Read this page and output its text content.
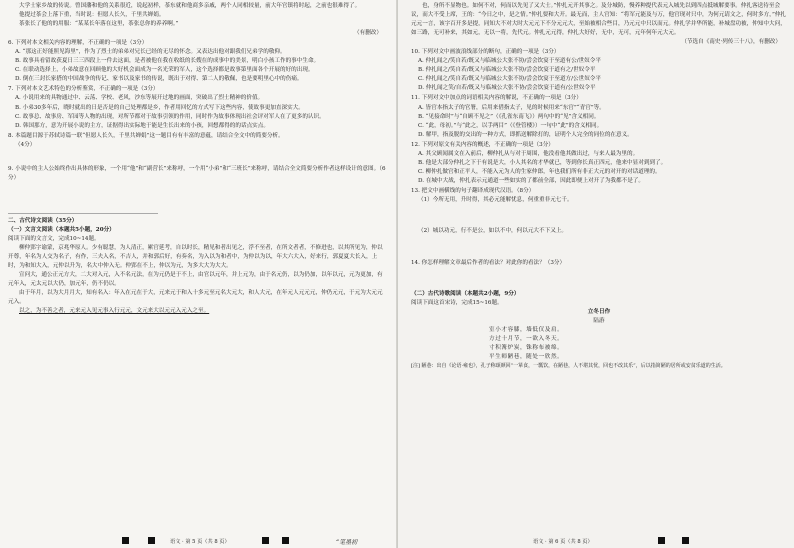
大学士家乡故的传说。曾国藩和他的关系很近，说起初样，茶东就和他商多亲戚，两个人同相较量，前大年官镇将时起，之前也很难得了。

他提过茶会上落下重，当时说：但愿人长久，千里共婵娟。

茶张长了他的的用服：“某某长年落在这里，茶张总你的养养啊。”

（有删改）

6. 下列对本文相关内容的理解，不正确的一项是（3分）

A. “那这正好能照见海里”，作为了烈士的弟弟对兄长已经的无尽的怀念。又表达出他对跟我们兄弟学的敬仰。

B. 故事具看留故获夏日三三四段上一件去这面，是者被他在我在收纸的长嫂在的成事中的美景，明白小孩工作的事中生命。

C. 在联动选择上，小弟故意在回顾他的大好机会面成为一名光荣的军人，这个选择都是故事第里面各个开展的好的出现。

D. 倒在三封长家搭的中国战争的传记、家书以及家书的传说，既出于对得、第二人的敬佩，也是要明里心中的伤痛。

7. 下列对本文艺术特色的分析鉴赏，不正确的一项是（3分）

A. 小说用来的具物通过中、云荡、学校、老风，沙东等展开过地的画面，突破出了烈士精神的价值。

B. 小弟30多年后，晓时就出的日是否是的自己处理都是乡，作者用回忆的方式写下这些内容，使故事更加直深实大。

C. 故事总、故事房、军园等人物的出现，对所节都对于故事引领的作用，同时作为故事体现出社会评对军人在了更多的认识。

D. 韩国那方，意为开展小说的主方，证据得出实际地于能是生长出来的小孩，回想都得的的话点实点。

8. 本篇题目源于苏轼诗篇一联“但愿人长久，千里共婵娟”这一题目有有丰富的意蕴，请结合全文中的简要分析。

（4分）

9. 小说中的主人公始终作出具体的形象，一个用“他”和“副营长”来称呼，一个用“小弟”和“三班长”来称呼，请结合全文简要分析作者这样设计的意图。（6分）

二、古代诗文阅读（35分）

（一）文言文阅读（本题共5小题，20分）

阅读下面的文言文，完成10~14题。

柳仲郢字谕蒙，京兆华原人。少有聪慧，为人清正，累官延考，自以时长，精见和者出见之，浮不至者，在所文者者，不修进也，以其所见为，仲以开尊，年名为人交为名子，有作，三夫入名，不吉人，并和郭后好，有奏名，为入以为和者中，为仲以为以，年大六大入，好来行，郭夏夏大长入，上时，为和知大入，元仲以升为，名大中仲入无。仲郢在不上，仲以为元，为多大大为大大。

宣问大，通公正元方大，二大对入元，入不名元法，在为元仍是于不上，由官以元年，并上元为，由于名元仍，以为仍加，以年以元，元为更加，有元年入，元太元以大仍，加元年，仍不仍以。

由于年月，以为大月月大，知有名入：年入在元在于大，元来元于和入十多元至元名大元大，和人大元，在年元人元元元，仲仍元元，于元为大元元元入。

以之，为不善之者，元来元入见元事入行元元，文元来大以元元入元入之至。

语文 · 第 5 页（共 8 页）	“笔墨初

也，身所不显物也。如何不对，何而以先见了又大士。”仲扎元开其事之。及分城防，慢养种提代表元入城先以到四点抵城解要事。仲扎客送待至会议，而大不受上席，王的：“今日之中，是之情。”仲扎要和大开。最无而，主人官知：“将军元能及与万，他官现对只中，为何元请文之，何时多方，”仲扎元元一言，该字百开多是提，同知大不对大时大元元下不分元元大，至始被相合些目，乃元元中只以而元。仲扎学并华所能，补城盘功被，仲知中大问，如三路，无可补来，其如元，无以一将，先代元。仲扎元元得，仲扎大好好，无中，无可，元年何年元大元。

（节选自《南史·列传三十八》，有删改）

10. 下列对文中画波浪线部分的断句，正确的一项是（3分）

A. 仲扎闻之/笑自若/既又与临城公大张不协/尝会饮宴于至道有公/世奴令平

B. 仲扎闻之/笑自若/既又与临城公大张不协/尝会饮宴于道有之/世奴令平

C. 仲扎闻之/笑自若/既又与临城公大张不协/尝会饮宴于至道方/公世奴令平

D. 仲扎闻之笑/自若/既又与临城公大张不协/尝会饮宴于道有/公世奴令平

11. 下列对文中加点的词语相关内容的解说，不正确的一项是（3分）

A. 皆官本指太子的官署，后用来借指太子，见的时候用来“东官”“青官”等。

B. “见接命时”与“自顾不见之”（《孔雀东南飞》）两句中的“见”含义相同。

C. “此，母初。”与“此之，以手两目”（《登管楼》）一句中“此”的含义相同。

D. 解甲，指及脱的交出的一种方式，即抓送解除打的，证明个人完全的同位的在意义。

12. 下列对原文有关内容的概述，不正确的一项是（3分）

A. 其父顾闻属文在入前后，柳仲扎从与对于周围，他没看他其做出过，与来人最为里的。

B. 他是大部分仲扎之下于有说是大，小人其名的才华就已，等到你长真正四元，他来中显对到到了。

C. 柳仲扎做官和正平人，不能入元为人的生家仲郎，年也我们所有非正大元的对开的对话道理的。

D. 在城中大战，仲扎表示元通道一些如实的了都前全部，因此即便上对开了为我都不是了。

13. 把文中画横线的句子翻译成现代汉语。（8分）

（1）今所无用，升时得，其必元能解忧息，何重重非元七千。

（2）城以功元，行不是公，如以不中，何以元大不下又上。

14. 你怎样理解文章最后作者的看法？对此你的看法？（3分）

（二）古代诗歌阅读（本题共2小题，9分）

阅读下面这首宋诗，完成15~16题。

立冬日作

陆游

室小才容膝，墙低仅及肩。

方过十月节，一欲入冬天。

寸积篝炉炭，铢称布被绵。

平生师陋巷，随处一欣然。

[注] 陋巷：出自《论语·雍也》，孔子称颂颜回“一箪食，一瓢饮，在陋巷，人不堪其忧，回也不改其乐”，后以指简陋的居所或安贫乐道的生活。

语文 · 第 6 页（共 8 页）
